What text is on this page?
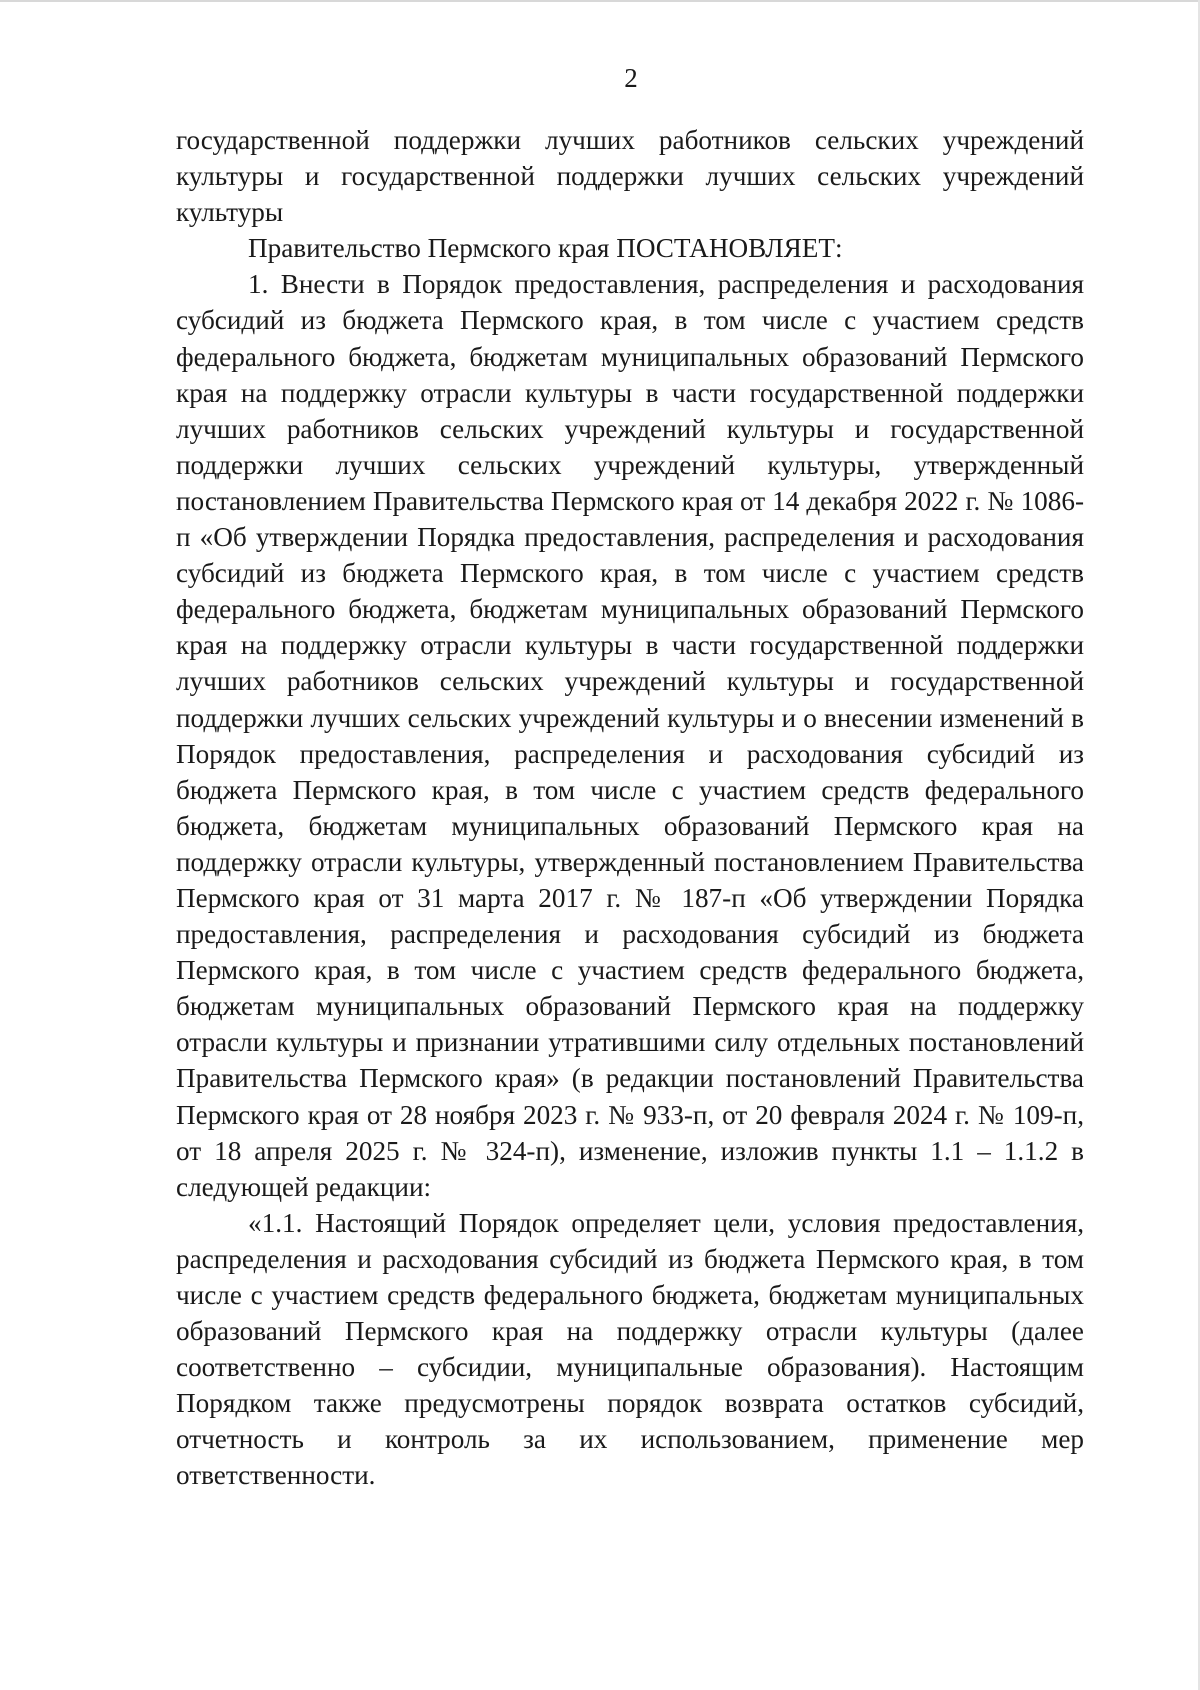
2

государственной поддержки лучших работников сельских учреждений культуры и государственной поддержки лучших сельских учреждений культуры

Правительство Пермского края ПОСТАНОВЛЯЕТ:

1. Внести в Порядок предоставления, распределения и расходования субсидий из бюджета Пермского края, в том числе с участием средств федерального бюджета, бюджетам муниципальных образований Пермского края на поддержку отрасли культуры в части государственной поддержки лучших работников сельских учреждений культуры и государственной поддержки лучших сельских учреждений культуры, утвержденный постановлением Правительства Пермского края от 14 декабря 2022 г. № 1086-п «Об утверждении Порядка предоставления, распределения и расходования субсидий из бюджета Пермского края, в том числе с участием средств федерального бюджета, бюджетам муниципальных образований Пермского края на поддержку отрасли культуры в части государственной поддержки лучших работников сельских учреждений культуры и государственной поддержки лучших сельских учреждений культуры и о внесении изменений в Порядок предоставления, распределения и расходования субсидий из бюджета Пермского края, в том числе с участием средств федерального бюджета, бюджетам муниципальных образований Пермского края на поддержку отрасли культуры, утвержденный постановлением Правительства Пермского края от 31 марта 2017 г. № 187-п «Об утверждении Порядка предоставления, распределения и расходования субсидий из бюджета Пермского края, в том числе с участием средств федерального бюджета, бюджетам муниципальных образований Пермского края на поддержку отрасли культуры и признании утратившими силу отдельных постановлений Правительства Пермского края» (в редакции постановлений Правительства Пермского края от 28 ноября 2023 г. № 933-п, от 20 февраля 2024 г. № 109-п, от 18 апреля 2025 г. № 324-п), изменение, изложив пункты 1.1 – 1.1.2 в следующей редакции:

«1.1. Настоящий Порядок определяет цели, условия предоставления, распределения и расходования субсидий из бюджета Пермского края, в том числе с участием средств федерального бюджета, бюджетам муниципальных образований Пермского края на поддержку отрасли культуры (далее соответственно – субсидии, муниципальные образования). Настоящим Порядком также предусмотрены порядок возврата остатков субсидий, отчетность и контроль за их использованием, применение мер ответственности.
